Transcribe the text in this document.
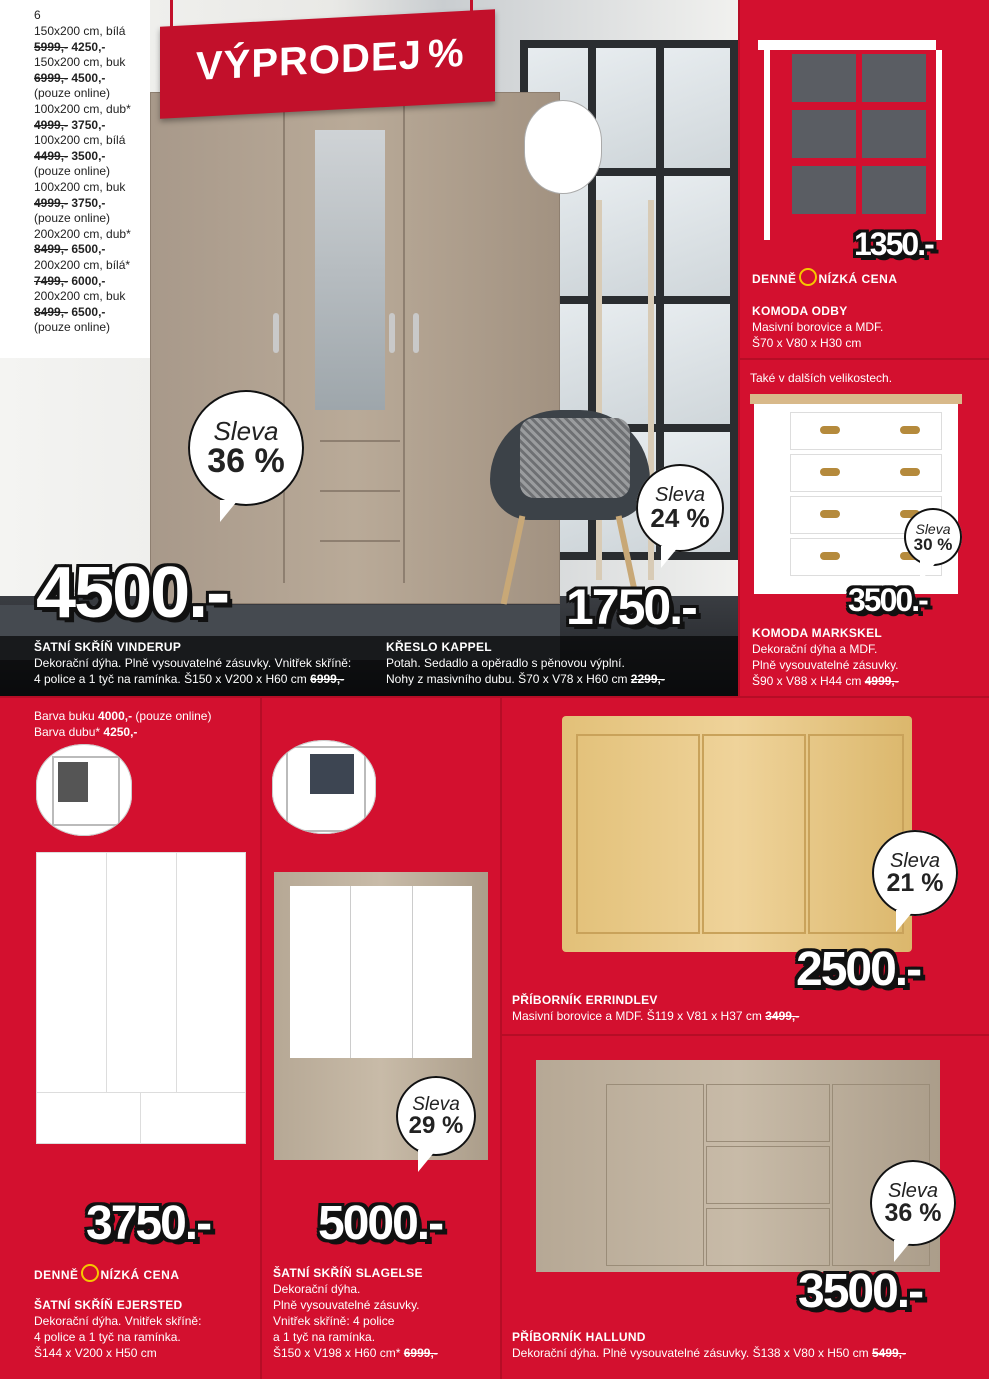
VÝPRODEJ %
6
150x200 cm, bílá
5999,- 4250,-
150x200 cm, buk
6999,- 4500,-
(pouze online)
100x200 cm, dub*
4999,- 3750,-
100x200 cm, bílá
4499,- 3500,-
(pouze online)
100x200 cm, buk
4999,- 3750,-
(pouze online)
200x200 cm, dub*
8499,- 6500,-
200x200 cm, bílá*
7499,- 6000,-
200x200 cm, buk
8499,- 6500,-
(pouze online)
Sleva
36 %
4500.-
ŠATNÍ SKŘÍŇ VINDERUP
Dekorační dýha. Plně vysouvatelné zásuvky. Vnitřek skříně:
4 police a 1 tyč na ramínka. Š150 x V200 x H60 cm 6999,-
Sleva
24 %
1750.-
KŘESLO KAPPEL
Potah. Sedadlo a opěradlo s pěnovou výplní.
Nohy z masivního dubu. Š70 x V78 x H60 cm 2299,-
1350.-
DENNĚ NÍZKÁ CENA
KOMODA ODBY
Masivní borovice a MDF.
Š70 x V80 x H30 cm
Také v dalších velikostech.
Sleva
30 %
3500.-
KOMODA MARKSKEL
Dekorační dýha a MDF.
Plně vysouvatelné zásuvky.
Š90 x V88 x H44 cm 4999,-
Barva buku 4000,- (pouze online)
Barva dubu* 4250,-
3750.-
DENNĚ NÍZKÁ CENA
ŠATNÍ SKŘÍŇ EJERSTED
Dekorační dýha. Vnitřek skříně:
4 police a 1 tyč na ramínka.
Š144 x V200 x H50 cm
Sleva
29 %
5000.-
ŠATNÍ SKŘÍŇ SLAGELSE
Dekorační dýha.
Plně vysouvatelné zásuvky.
Vnitřek skříně: 4 police
a 1 tyč na ramínka.
Š150 x V198 x H60 cm* 6999,-
Sleva
21 %
2500.-
PŘÍBORNÍK ERRINDLEV
Masivní borovice a MDF. Š119 x V81 x H37 cm 3499,-
Sleva
36 %
3500.-
PŘÍBORNÍK HALLUND
Dekorační dýha. Plně vysouvatelné zásuvky. Š138 x V80 x H50 cm 5499,-
